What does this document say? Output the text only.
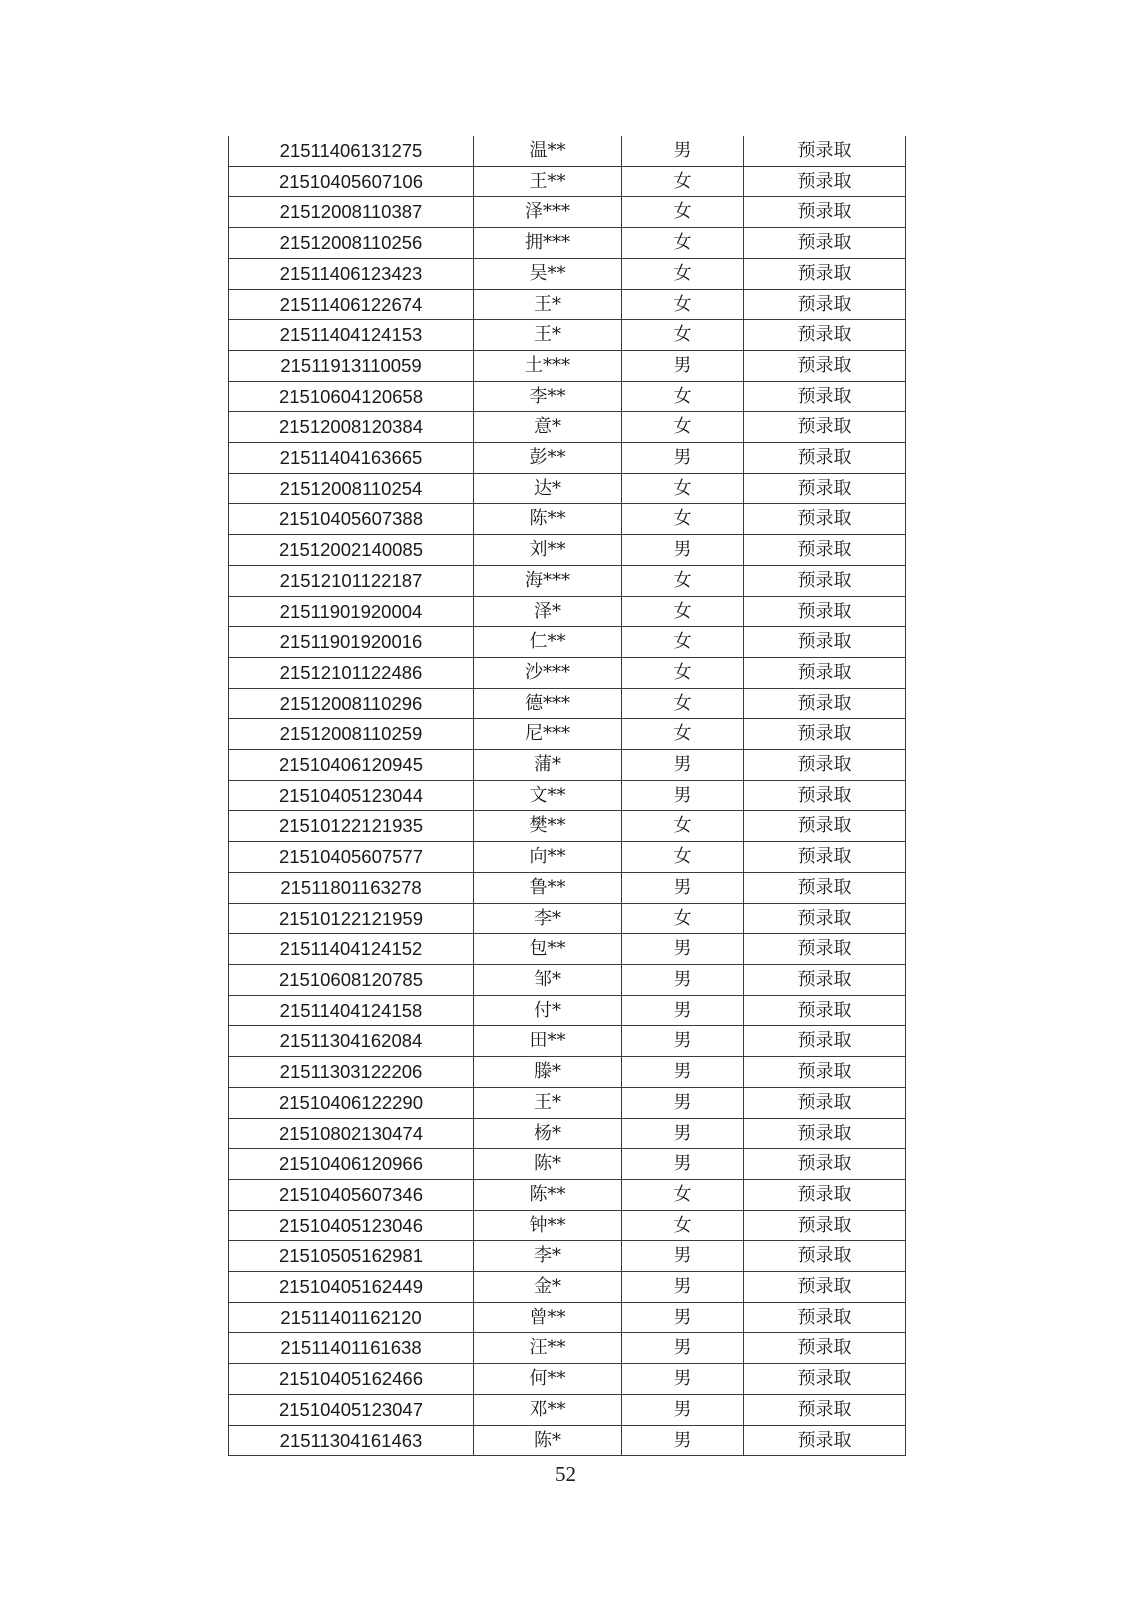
21511406131275	温**	男	预录取
21510405607106	王**	女	预录取
21512008110387	泽***	女	预录取
21512008110256	拥***	女	预录取
21511406123423	吴**	女	预录取
21511406122674	王*	女	预录取
21511404124153	王*	女	预录取
21511913110059	土***	男	预录取
21510604120658	李**	女	预录取
21512008120384	意*	女	预录取
21511404163665	彭**	男	预录取
21512008110254	达*	女	预录取
21510405607388	陈**	女	预录取
21512002140085	刘**	男	预录取
21512101122187	海***	女	预录取
21511901920004	泽*	女	预录取
21511901920016	仁**	女	预录取
21512101122486	沙***	女	预录取
21512008110296	德***	女	预录取
21512008110259	尼***	女	预录取
21510406120945	蒲*	男	预录取
21510405123044	文**	男	预录取
21510122121935	樊**	女	预录取
21510405607577	向**	女	预录取
21511801163278	鲁**	男	预录取
21510122121959	李*	女	预录取
21511404124152	包**	男	预录取
21510608120785	邹*	男	预录取
21511404124158	付*	男	预录取
21511304162084	田**	男	预录取
21511303122206	滕*	男	预录取
21510406122290	王*	男	预录取
21510802130474	杨*	男	预录取
21510406120966	陈*	男	预录取
21510405607346	陈**	女	预录取
21510405123046	钟**	女	预录取
21510505162981	李*	男	预录取
21510405162449	金*	男	预录取
21511401162120	曾**	男	预录取
21511401161638	汪**	男	预录取
21510405162466	何**	男	预录取
21510405123047	邓**	男	预录取
21511304161463	陈*	男	预录取
52
